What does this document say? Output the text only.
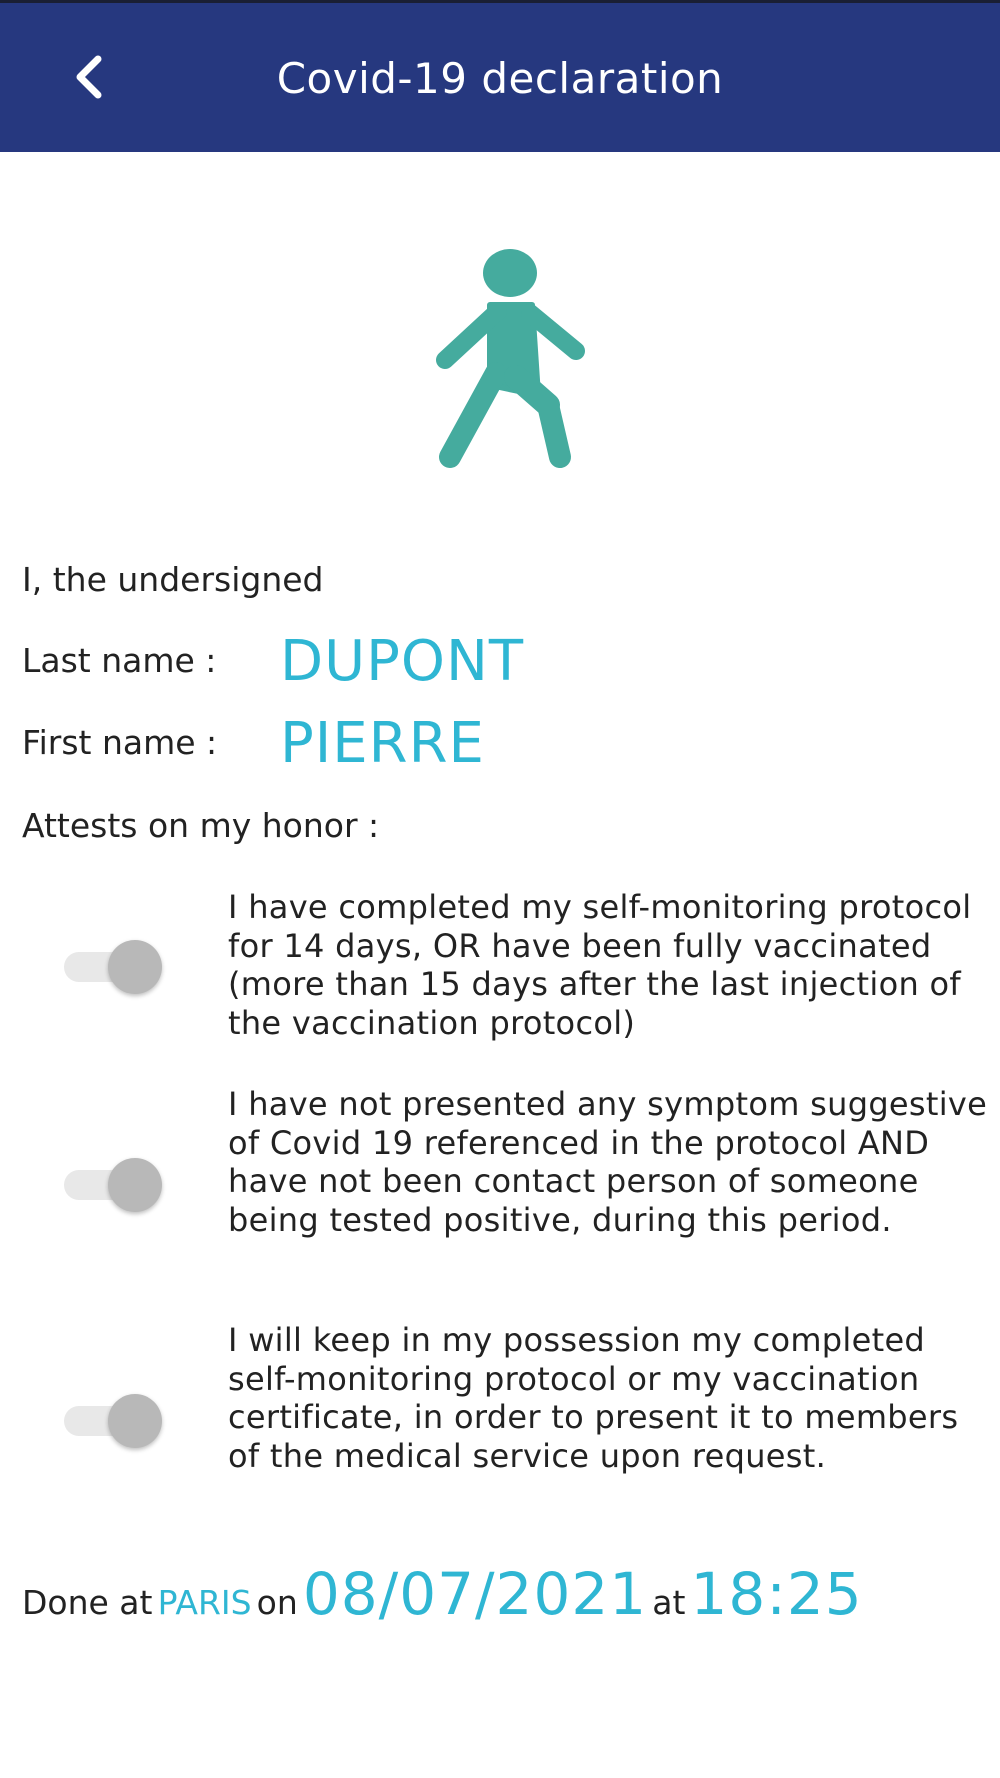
Covid-19 declaration
I, the undersigned
Last name : DUPONT
First name : PIERRE
Attests on my honor :
I have completed my self-monitoring protocol for 14 days, OR have been fully vaccinated (more than 15 days after the last injection of the vaccination protocol)
I have not presented any symptom suggestive of Covid 19 referenced in the protocol AND have not been contact person of someone being tested positive, during this period.
I will keep in my possession my completed self-monitoring protocol or my vaccination certificate, in order to present it to members of the medical service upon request.
Done at PARIS on 08/07/2021 at 18:25
